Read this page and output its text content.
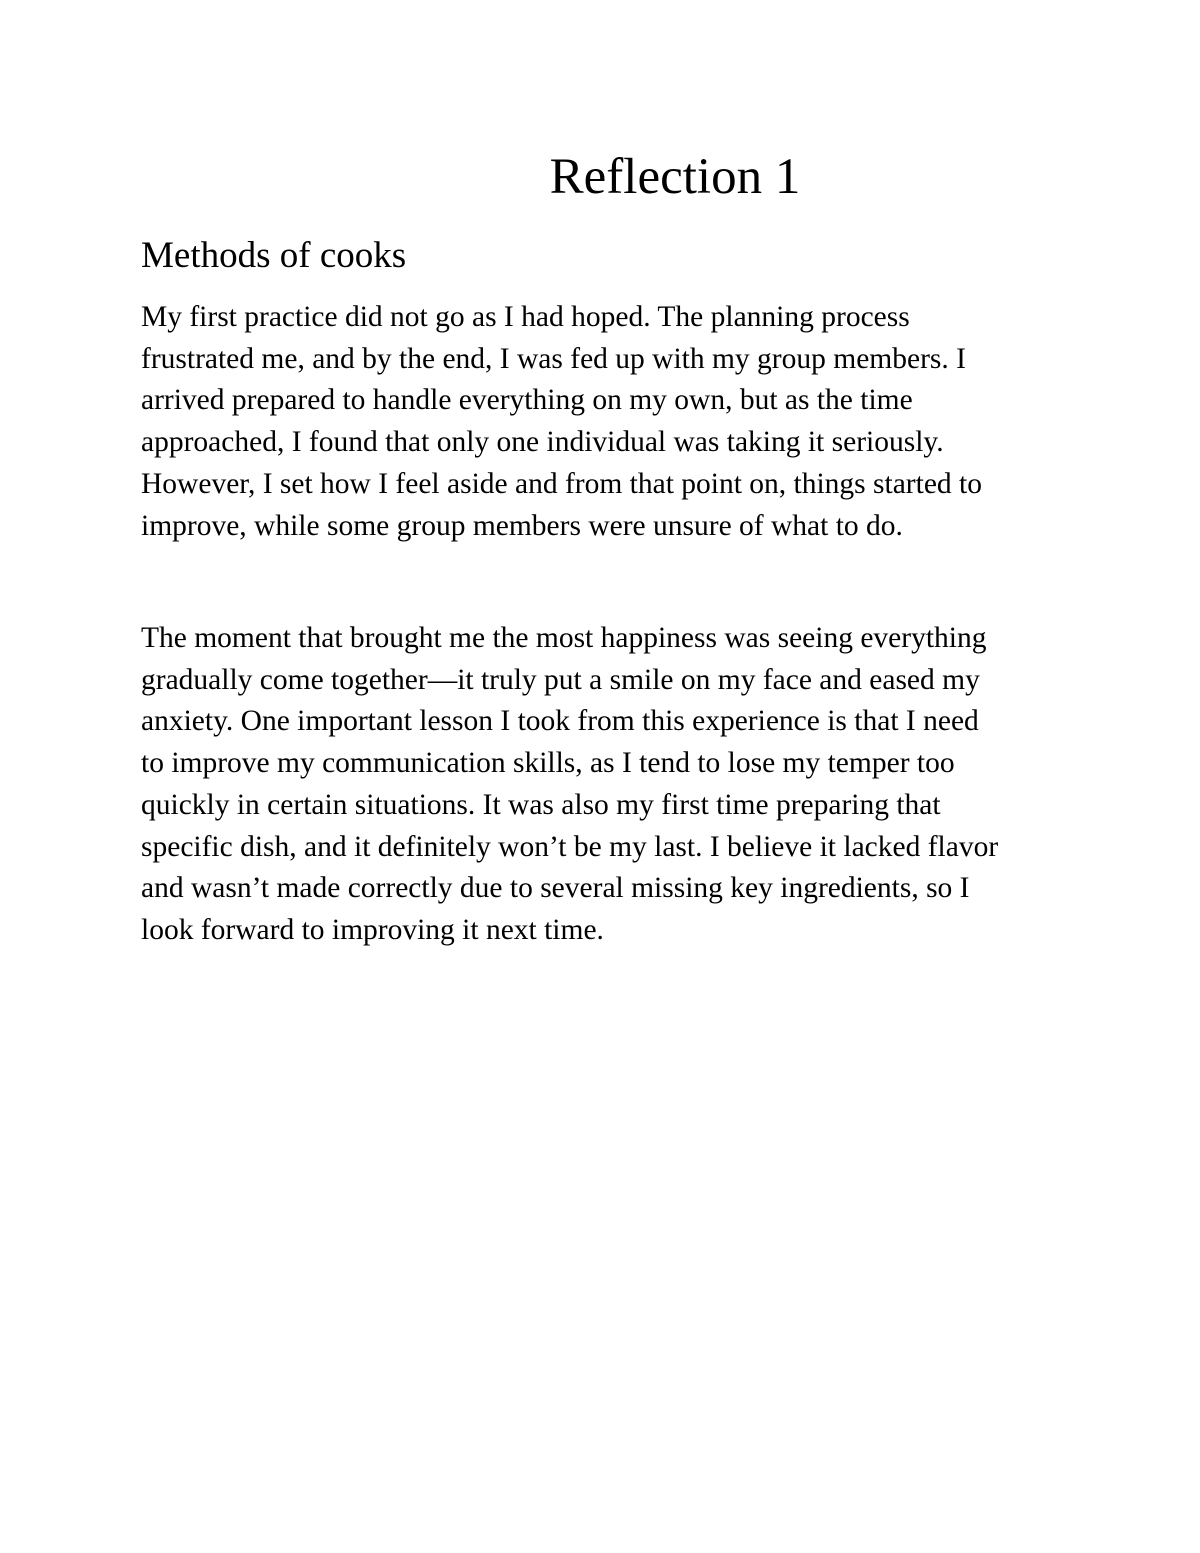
Reflection 1
Methods of cooks

My first practice did not go as I had hoped. The planning process
frustrated me, and by the end, I was fed up with my group members. I
arrived prepared to handle everything on my own, but as the time
approached, I found that only one individual was taking it seriously.
However, I set how I feel aside and from that point on, things started to
improve, while some group members were unsure of what to do.

The moment that brought me the most happiness was seeing everything
gradually come together—it truly put a smile on my face and eased my
anxiety. One important lesson I took from this experience is that I need
to improve my communication skills, as I tend to lose my temper too
quickly in certain situations. It was also my first time preparing that
specific dish, and it definitely won’t be my last. I believe it lacked flavor
and wasn’t made correctly due to several missing key ingredients, so I
look forward to improving it next time.
